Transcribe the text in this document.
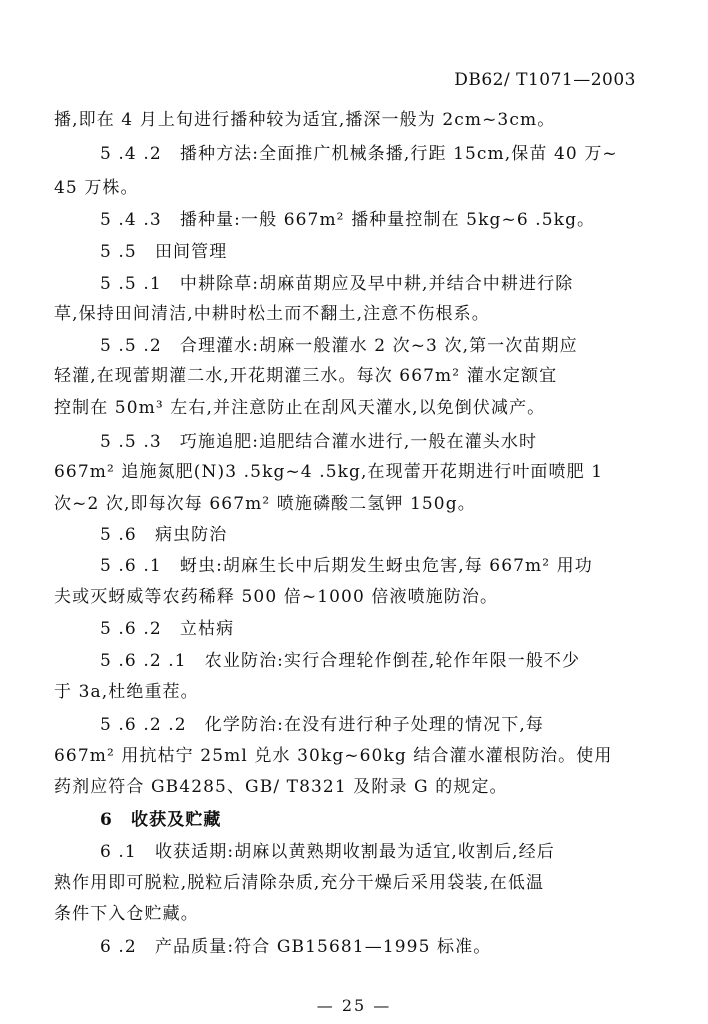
DB62/ T1071—2003
播,即在 4 月上旬进行播种较为适宜,播深一般为 2cm~3cm。
5 .4 .2　播种方法:全面推广机械条播,行距 15cm,保苗 40 万~
45 万株。
5 .4 .3　播种量:一般 667m² 播种量控制在 5kg~6 .5kg。
5 .5　田间管理
5 .5 .1　中耕除草:胡麻苗期应及早中耕,并结合中耕进行除
草,保持田间清洁,中耕时松土而不翻土,注意不伤根系。
5 .5 .2　合理灌水:胡麻一般灌水 2 次~3 次,第一次苗期应
轻灌,在现蕾期灌二水,开花期灌三水。每次 667m² 灌水定额宜
控制在 50m³ 左右,并注意防止在刮风天灌水,以免倒伏减产。
5 .5 .3　巧施追肥:追肥结合灌水进行,一般在灌头水时
667m² 追施氮肥(N)3 .5kg~4 .5kg,在现蕾开花期进行叶面喷肥 1
次~2 次,即每次每 667m² 喷施磷酸二氢钾 150g。
5 .6　病虫防治
5 .6 .1　蚜虫:胡麻生长中后期发生蚜虫危害,每 667m² 用功
夫或灭蚜威等农药稀释 500 倍~1000 倍液喷施防治。
5 .6 .2　立枯病
5 .6 .2 .1　农业防治:实行合理轮作倒茬,轮作年限一般不少
于 3a,杜绝重茬。
5 .6 .2 .2　化学防治:在没有进行种子处理的情况下,每
667m² 用抗枯宁 25ml 兑水 30kg~60kg 结合灌水灌根防治。使用
药剂应符合 GB4285、GB/ T8321 及附录 G 的规定。
6　收获及贮藏
6 .1　收获适期:胡麻以黄熟期收割最为适宜,收割后,经后
熟作用即可脱粒,脱粒后清除杂质,充分干燥后采用袋装,在低温
条件下入仓贮藏。
6 .2　产品质量:符合 GB15681—1995 标准。
— 25 —
